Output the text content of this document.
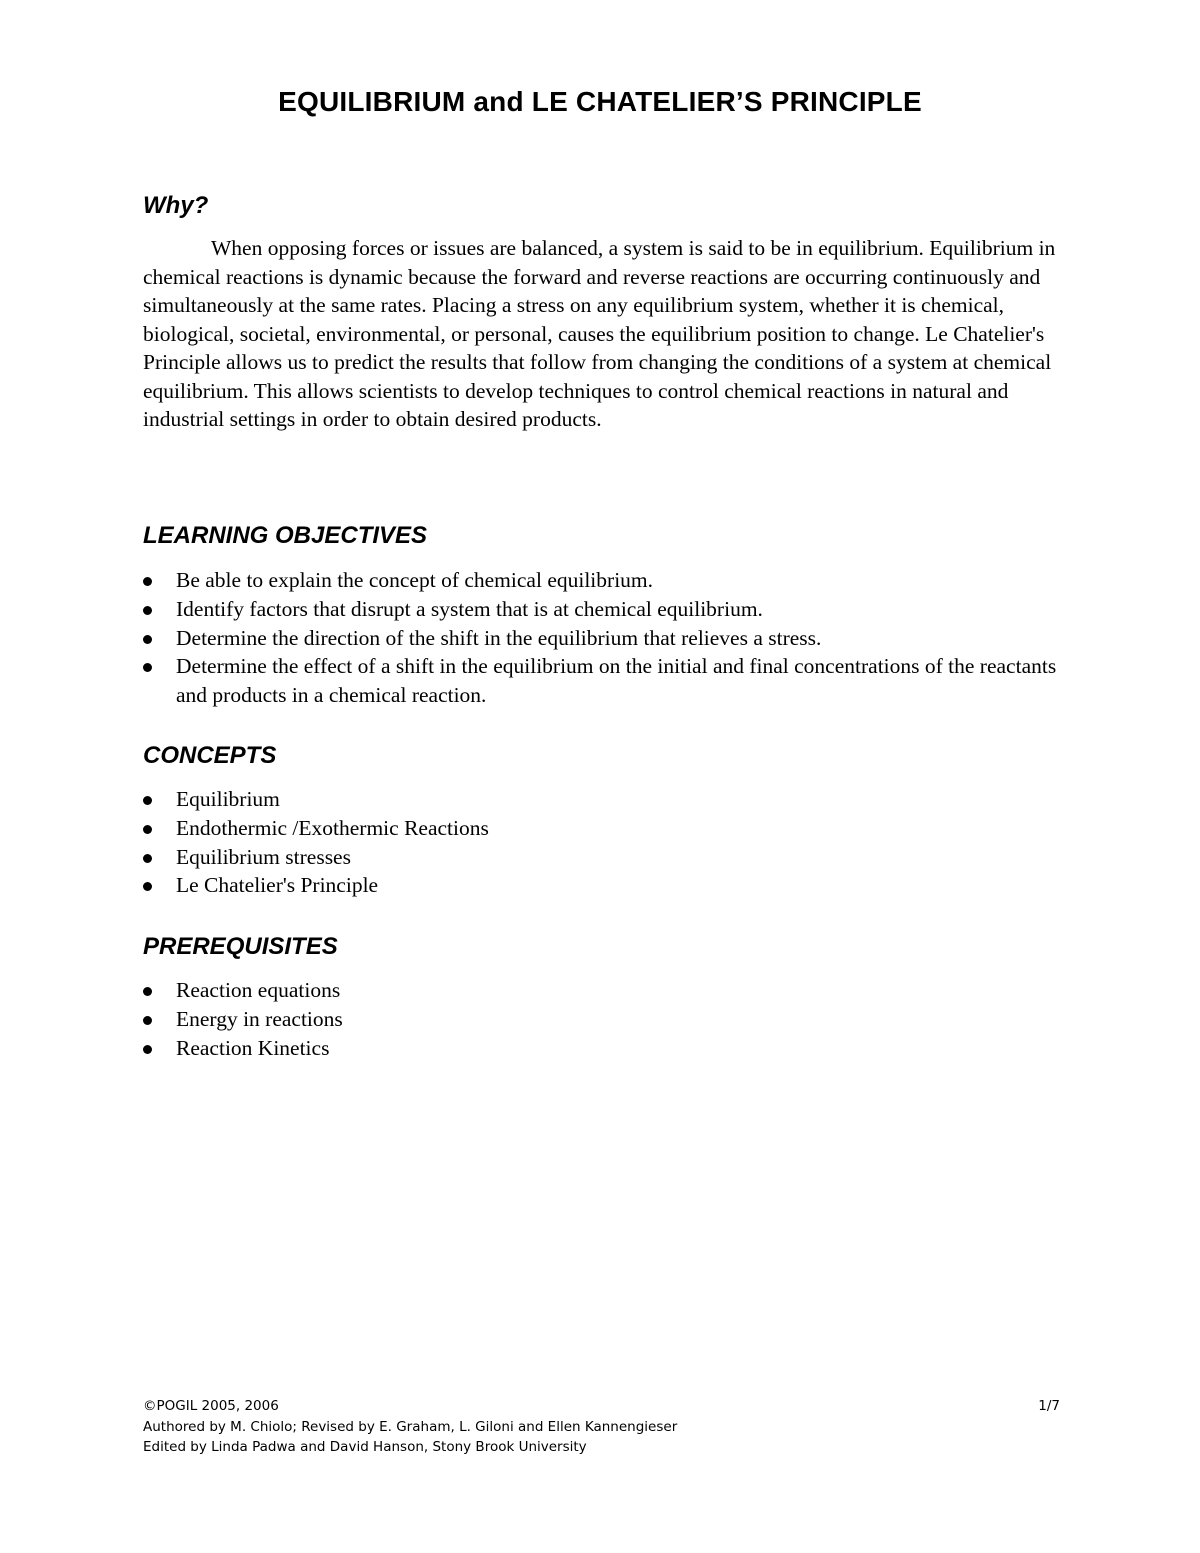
EQUILIBRIUM and LE CHATELIER’S PRINCIPLE
Why?

When opposing forces or issues are balanced, a system is said to be in equilibrium. Equilibrium in chemical reactions is dynamic because the forward and reverse reactions are occurring continuously and simultaneously at the same rates. Placing a stress on any equilibrium system, whether it is chemical, biological, societal, environmental, or personal, causes the equilibrium position to change. Le Chatelier's Principle allows us to predict the results that follow from changing the conditions of a system at chemical equilibrium. This allows scientists to develop techniques to control chemical reactions in natural and industrial settings in order to obtain desired products.

LEARNING OBJECTIVES
Be able to explain the concept of chemical equilibrium.
Identify factors that disrupt a system that is at chemical equilibrium.
Determine the direction of the shift in the equilibrium that relieves a stress.
Determine the effect of a shift in the equilibrium on the initial and final concentrations of the reactants and products in a chemical reaction.
CONCEPTS
Equilibrium
Endothermic /Exothermic Reactions
Equilibrium stresses
Le Chatelier's Principle
PREREQUISITES
Reaction equations
Energy in reactions
Reaction Kinetics
©POGIL 2005, 2006	1/7
Authored by M. Chiolo; Revised by E. Graham, L. Giloni and Ellen Kannengieser
Edited by Linda Padwa and David Hanson, Stony Brook University
